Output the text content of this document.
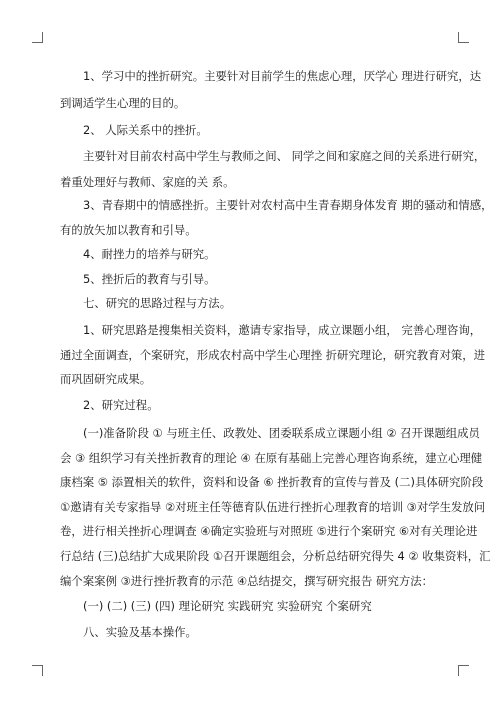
1、学习中的挫折研究。主要针对目前学生的焦虑心理，厌学心 理进行研究，达
到调适学生心理的目的。
2、 人际关系中的挫折。
主要针对目前农村高中学生与教师之间、 同学之间和家庭之间的关系进行研究，
着重处理好与教师、家庭的关 系。
3、青春期中的情感挫折。主要针对农村高中生青春期身体发育 期的骚动和情感，
有的放矢加以教育和引导。
4、耐挫力的培养与研究。
5、挫折后的教育与引导。
七、研究的思路过程与方法。
1、研究思路是搜集相关资料，邀请专家指导，成立课题小组， 完善心理咨询，
通过全面调查，个案研究，形成农村高中学生心理挫 折研究理论，研究教育对策，进
而巩固研究成果。
2、研究过程。
(一)准备阶段 ① 与班主任、政教处、团委联系成立课题小组 ② 召开课题组成员
会 ③ 组织学习有关挫折教育的理论 ④ 在原有基础上完善心理咨询系统，建立心理健
康档案 ⑤ 添置相关的软件，资料和设备 ⑥ 挫折教育的宣传与普及 (二)具体研究阶段
①邀请有关专家指导 ②对班主任等德育队伍进行挫折心理教育的培训 ③对学生发放问
卷，进行相关挫折心理调查 ④确定实验班与对照班 ⑤进行个案研究 ⑥对有关理论进
行总结 (三)总结扩大成果阶段 ①召开课题组会，分析总结研究得失 4 ② 收集资料，汇
编个案案例 ③进行挫折教育的示范 ④总结提交，撰写研究报告 研究方法：
(一) (二) (三) (四) 理论研究 实践研究 实验研究 个案研究
八、实验及基本操作。
